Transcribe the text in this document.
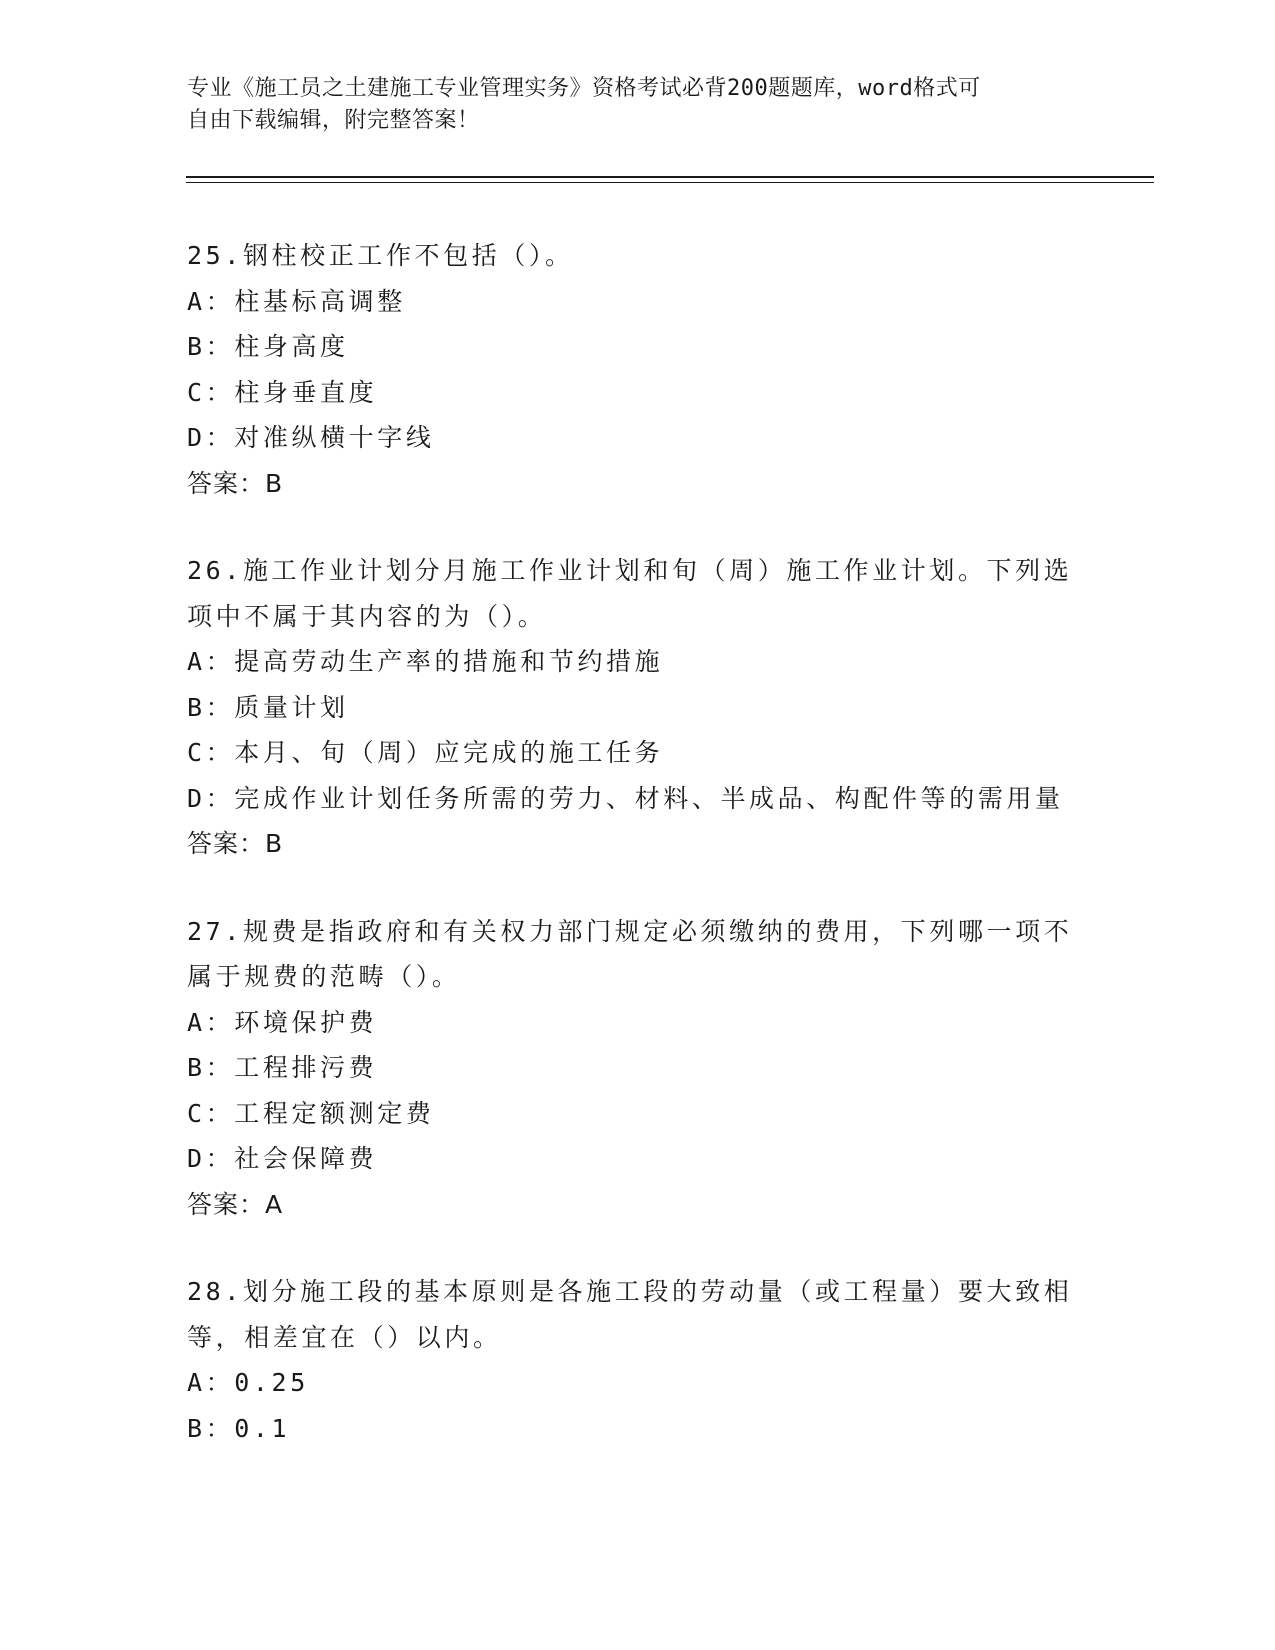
专业《施工员之土建施工专业管理实务》资格考试必背200题题库，word格式可
自由下载编辑，附完整答案！
25.钢柱校正工作不包括（）。
A：柱基标高调整
B：柱身高度
C：柱身垂直度
D：对准纵横十字线
答案：B
26.施工作业计划分月施工作业计划和旬（周）施工作业计划。下列选
项中不属于其内容的为（）。
A：提高劳动生产率的措施和节约措施
B：质量计划
C：本月、旬（周）应完成的施工任务
D：完成作业计划任务所需的劳力、材料、半成品、构配件等的需用量
答案：B
27.规费是指政府和有关权力部门规定必须缴纳的费用，下列哪一项不
属于规费的范畴（）。
A：环境保护费
B：工程排污费
C：工程定额测定费
D：社会保障费
答案：A
28.划分施工段的基本原则是各施工段的劳动量（或工程量）要大致相
等，相差宜在（）以内。
A：0.25
B：0.1
